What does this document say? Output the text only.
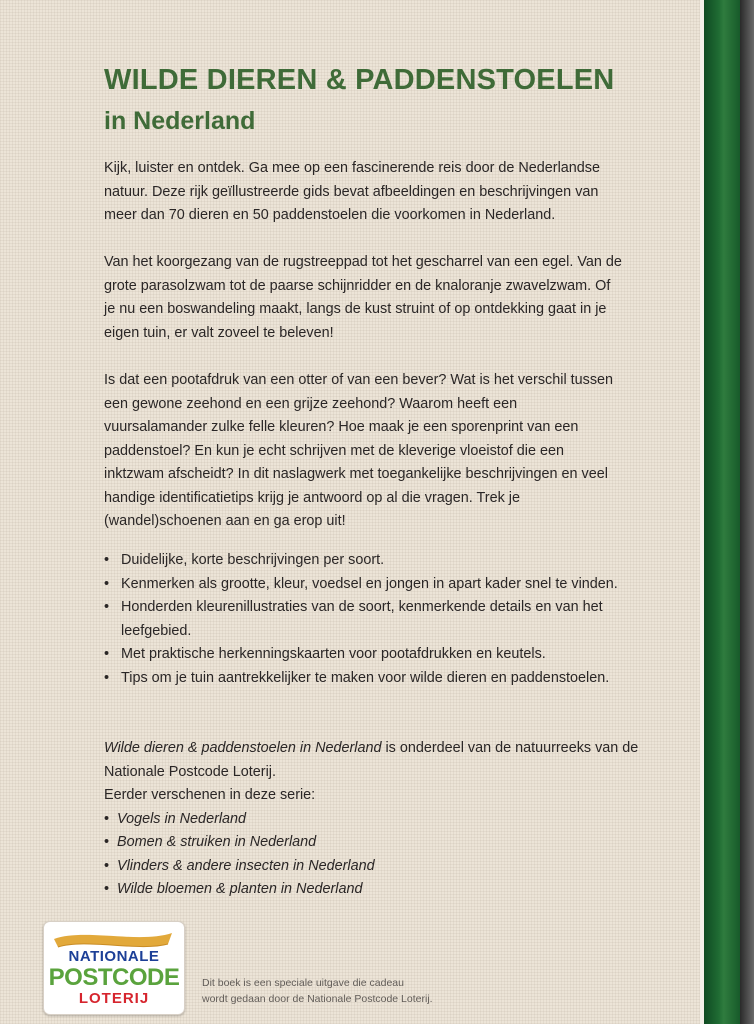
WILDE DIEREN & PADDENSTOELEN
in Nederland

Kijk, luister en ontdek. Ga mee op een fascinerende reis door de Nederlandse natuur. Deze rijk geïllustreerde gids bevat afbeeldingen en beschrijvingen van meer dan 70 dieren en 50 paddenstoelen die voorkomen in Nederland.

Van het koorgezang van de rugstreeppad tot het gescharrel van een egel. Van de grote parasolzwam tot de paarse schijnridder en de knaloranje zwavelzwam. Of je nu een boswandeling maakt, langs de kust struint of op ontdekking gaat in je eigen tuin, er valt zoveel te beleven!

Is dat een pootafdruk van een otter of van een bever? Wat is het verschil tussen een gewone zeehond en een grijze zeehond? Waarom heeft een vuursalamander zulke felle kleuren? Hoe maak je een sporenprint van een paddenstoel? En kun je echt schrijven met de kleverige vloeistof die een inktzwam afscheidt? In dit naslagwerk met toegankelijke beschrijvingen en veel handige identificatietips krijg je antwoord op al die vragen. Trek je (wandel)schoenen aan en ga erop uit!

• Duidelijke, korte beschrijvingen per soort.
• Kenmerken als grootte, kleur, voedsel en jongen in apart kader snel te vinden.
• Honderden kleurenillustraties van de soort, kenmerkende details en van het leefgebied.
• Met praktische herkenningskaarten voor pootafdrukken en keutels.
• Tips om je tuin aantrekkelijker te maken voor wilde dieren en paddenstoelen.

Wilde dieren & paddenstoelen in Nederland is onderdeel van de natuurreeks van de Nationale Postcode Loterij.

Eerder verschenen in deze serie:

• Vogels in Nederland
• Bomen & struiken in Nederland
• Vlinders & andere insecten in Nederland
• Wilde bloemen & planten in Nederland
NATIONALE
POSTCODE
LOTERIJ

Dit boek is een speciale uitgave die cadeau
wordt gedaan door de Nationale Postcode Loterij.
